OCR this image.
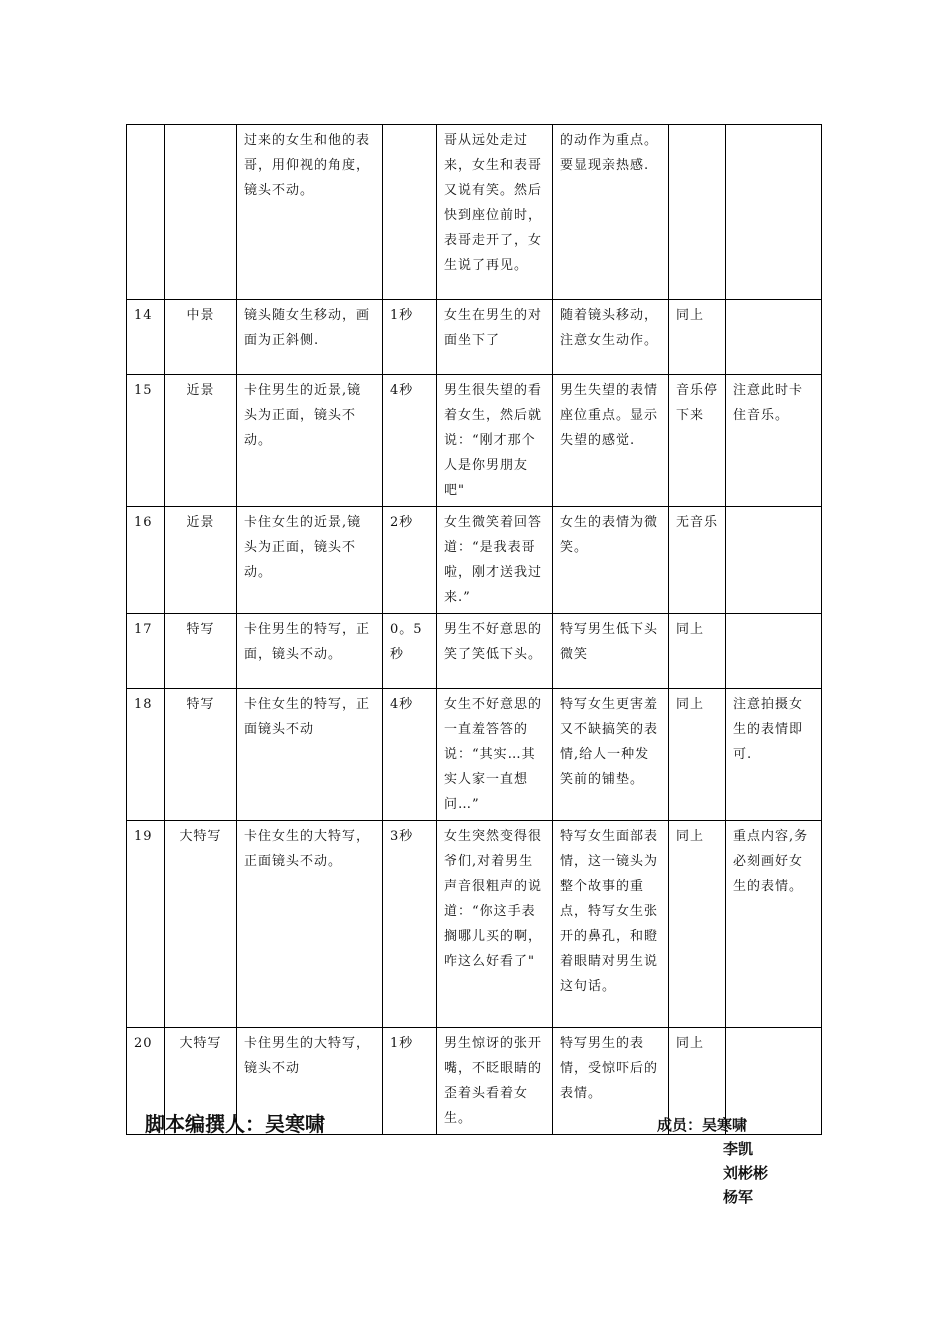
		过来的女生和他的表哥，用仰视的角度，镜头不动。		哥从远处走过来，女生和表哥又说有笑。然后快到座位前时，表哥走开了，女生说了再见。	的动作为重点。要显现亲热感.		
14	中景	镜头随女生移动，画面为正斜侧.	1秒	女生在男生的对面坐下了	随着镜头移动，注意女生动作。	同上	
15	近景	卡住男生的近景,镜头为正面，镜头不动。	4秒	男生很失望的看着女生，然后就说：“刚才那个人是你男朋友吧"	男生失望的表情座位重点。显示失望的感觉.	音乐停下来	注意此时卡住音乐。
16	近景	卡住女生的近景,镜头为正面，镜头不动。	2秒	女生微笑着回答道：“是我表哥啦，刚才送我过来.”	女生的表情为微笑。	无音乐	
17	特写	卡住男生的特写，正面，镜头不动。	0。5秒	男生不好意思的笑了笑低下头。	特写男生低下头微笑	同上	
18	特写	卡住女生的特写，正面镜头不动	4秒	女生不好意思的一直羞答答的说：“其实…其实人家一直想问…”	特写女生更害羞又不缺搞笑的表情,给人一种发笑前的铺垫。	同上	注意拍摄女生的表情即可.
19	大特写	卡住女生的大特写，正面镜头不动。	3秒	女生突然变得很爷们,对着男生声音很粗声的说道：“你这手表搁哪儿买的啊，咋这么好看了"	特写女生面部表情，这一镜头为整个故事的重点，特写女生张开的鼻孔，和瞪着眼睛对男生说这句话。	同上	重点内容,务必刻画好女生的表情。
20	大特写	卡住男生的大特写，镜头不动	1秒	男生惊讶的张开嘴，不眨眼睛的歪着头看着女生。	特写男生的表情，受惊吓后的表情。	同上	
脚本编撰人：吴寒啸	成员：吴寒啸
李凯
刘彬彬
杨军
